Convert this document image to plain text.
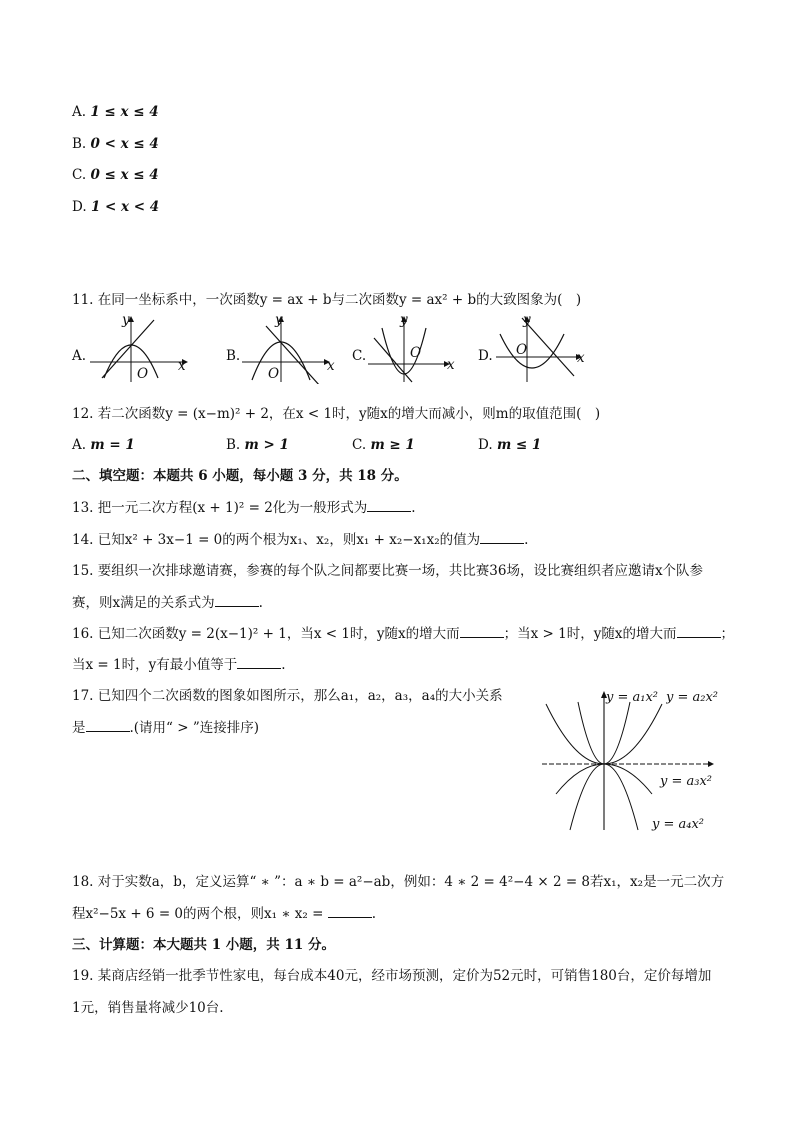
A. 1 ≤ x ≤ 4
B. 0 < x ≤ 4
C. 0 ≤ x ≤ 4
D. 1 < x < 4
11. 在同一坐标系中，一次函数y = ax + b与二次函数y = ax² + b的大致图象为(　)
A.
y
x
O
B.
y
x
O
C.
y
x
O	D.
y
x
O
12. 若二次函数y = (x−m)² + 2，在x < 1时，y随x的增大而减小，则m的取值范围(　)
A. m = 1	B. m > 1	C. m ≥ 1	D. m ≤ 1
二、填空题：本题共 6 小题，每小题 3 分，共 18 分。
13. 把一元二次方程(x + 1)² = 2化为一般形式为	.
14. 已知x² + 3x−1 = 0的两个根为x₁、x₂，则x₁ + x₂−x₁x₂的值为	.
15. 要组织一次排球邀请赛，参赛的每个队之间都要比赛一场，共比赛36场，设比赛组织者应邀请x个队参
赛，则x满足的关系式为	.
16. 已知二次函数y = 2(x−1)² + 1，当x < 1时，y随x的增大而	；当x > 1时，y随x的增大而	；
当x = 1时，y有最小值等于	.
17. 已知四个二次函数的图象如图所示，那么a₁，a₂，a₃，a₄的大小关系
是	.(请用“ > ”连接排序)
y = a₁x² y = a₂x²
y = a₃x²
y = a₄x²
18. 对于实数a，b，定义运算“ ∗ ”：a ∗ b = a²−ab，例如：4 ∗ 2 = 4²−4 × 2 = 8若x₁，x₂是一元二次方
程x²−5x + 6 = 0的两个根，则x₁ ∗ x₂ =	.
三、计算题：本大题共 1 小题，共 11 分。
19. 某商店经销一批季节性家电，每台成本40元，经市场预测，定价为52元时，可销售180台，定价每增加
1元，销售量将减少10台.
